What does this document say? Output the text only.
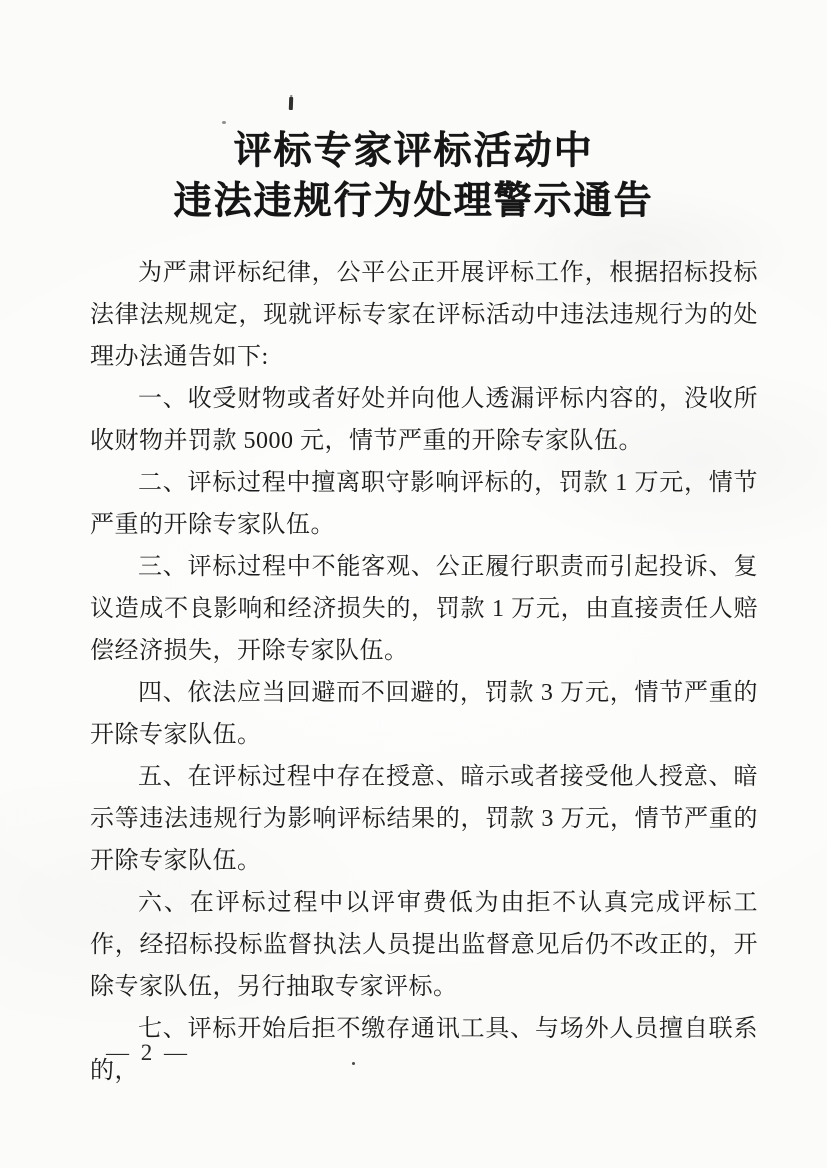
评标专家评标活动中
违法违规行为处理警示通告

为严肃评标纪律，公平公正开展评标工作，根据招标投标法律法规规定，现就评标专家在评标活动中违法违规行为的处理办法通告如下:

一、收受财物或者好处并向他人透漏评标内容的，没收所收财物并罚款 5000 元，情节严重的开除专家队伍。

二、评标过程中擅离职守影响评标的，罚款 1 万元，情节严重的开除专家队伍。

三、评标过程中不能客观、公正履行职责而引起投诉、复议造成不良影响和经济损失的，罚款 1 万元，由直接责任人赔偿经济损失，开除专家队伍。

四、依法应当回避而不回避的，罚款 3 万元，情节严重的开除专家队伍。

五、在评标过程中存在授意、暗示或者接受他人授意、暗示等违法违规行为影响评标结果的，罚款 3 万元，情节严重的开除专家队伍。

六、在评标过程中以评审费低为由拒不认真完成评标工作，经招标投标监督执法人员提出监督意见后仍不改正的，开除专家队伍，另行抽取专家评标。

七、评标开始后拒不缴存通讯工具、与场外人员擅自联系的，

— 2 —
